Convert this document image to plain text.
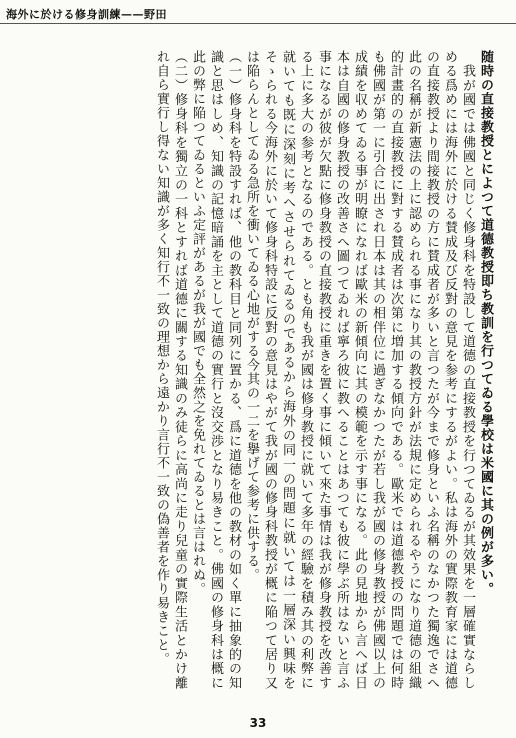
海外に於ける修身訓練——野田

随時の直接教授とによつて道德教授即ち教訓を行つてゐる學校は米國に其の例が多い。

　我が國では佛國と同じく修身科を特設して道德の直接教授を行つてゐるが其效果を一層確實ならしめる爲めには海外に於ける賛成及び反對の意見を参考にするがよい。私は海外の實際教育家には道德の直接教授より間接教授の方に賛成者が多いと言つたが今まで修身といふ名稱のなかつた獨逸でさへ此の名稱が新憲法の上に認められる事になり其の教授方針が法規に定められるやうになり道德の組織的計畫的の直接教授に對する賛成者は次第に増加する傾向である。歐米では道德教授の問題では何時も佛國が第一に引合に出され日本は其の相伴位に過ぎなかつたが若し我が國の修身教授が佛國以上の成績を収めてゐる事が明瞭になれば歐米の新傾向に其の模範を示す事になる。此の見地から言へば日本は自國の修身教授の改善さへ圖つてゐれば寧ろ彼に教へることはあつても彼に學ぶ所はないと言ふ事になるが彼が欠點に修身教授の直接教授に重きを置く事に傾いて來た事情は我が修身教授を改善する上に多大の参考となるのである。とも角も我が國は修身教授に就いて多年の經驗を積み其の利弊に就いても既に深刻に考へさせられてゐるのであるから海外の同一の問題に就いては一層深い興味をそゝられる今海外に於いて修身科特設に反對の意見はやがて我が國の修身科教授が概に陥つて居り又は陥らんとしてゐる急所を衝いてゐる心地がする今其の一二を擧げて参考に供する。

（一）修身科を特設すれば、他の教科目と同列に置かる、爲に道德を他の教材の如く單に抽象的の知識と思はしめ、知識の記憶暗誦を主として道德の實行と沒交渉となり易きこと。佛國の修身科は概に此の弊に陥つてゐるといふ定評があるが我が國でも全然之を免れてゐるとは言はれぬ。

（二）修身科を獨立の一科とすれば道德に關する知識のみ徒らに高尚に走り兒童の實際生活とかけ離れ自ら實行し得ない知識が多く知行不一致の理想から遠かり言行不一致の偽善者を作り易きこと。

33
